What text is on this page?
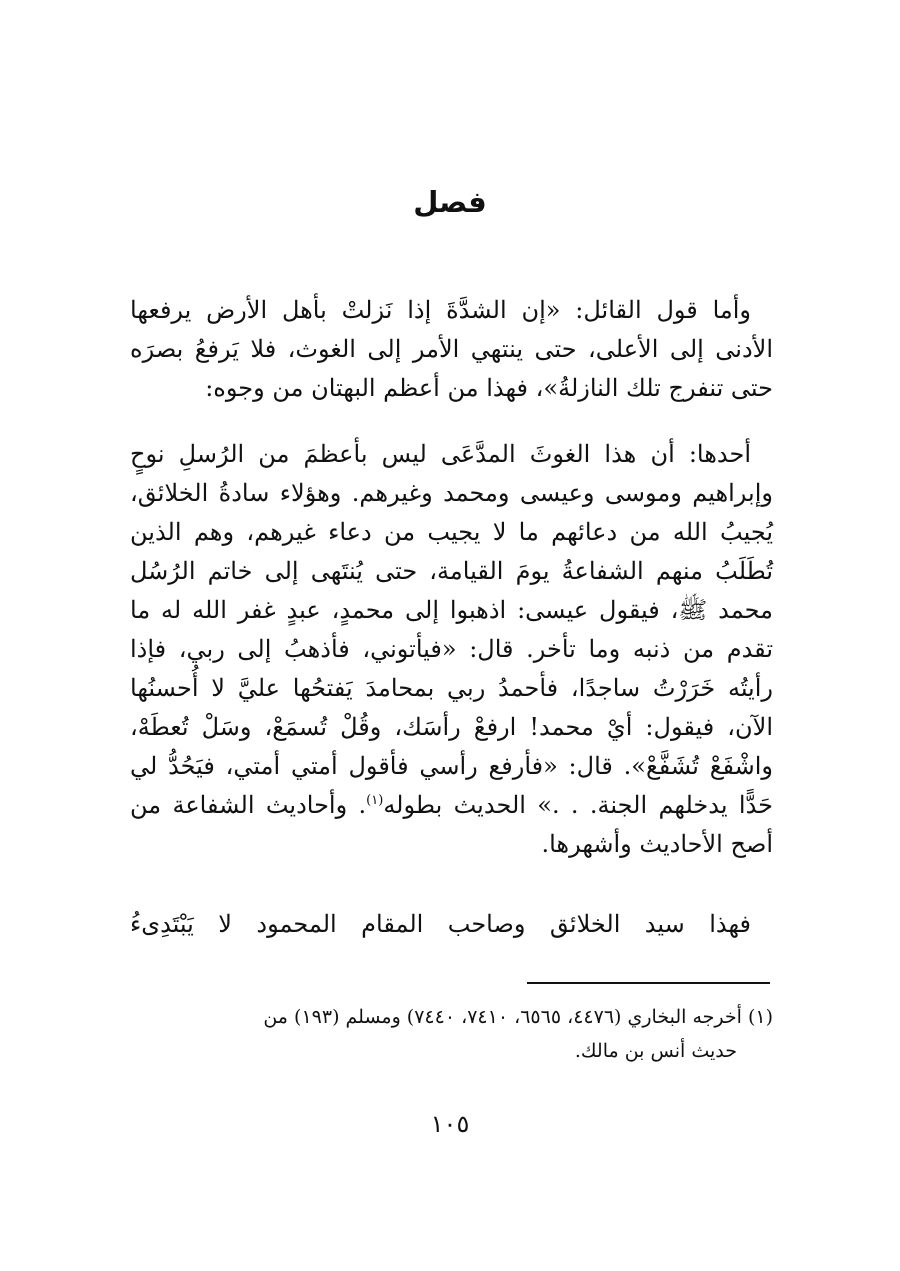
فصل
وأما قول القائل: «إن الشدَّةَ إذا نَزلتْ بأهل الأرض يرفعها
الأدنى إلى الأعلى، حتى ينتهي الأمر إلى الغوث، فلا يَرفعُ بصرَه
حتى تنفرج تلك النازلةُ»، فهذا من أعظم البهتان من وجوه:
أحدها: أن هذا الغوثَ المدَّعَى ليس بأعظمَ من الرُسلِ نوحٍ
وإبراهيم وموسى وعيسى ومحمد وغيرهم. وهؤلاء سادةُ الخلائق،
يُجيبُ الله من دعائهم ما لا يجيب من دعاء غيرهم، وهم الذين
تُطَلَبُ منهم الشفاعةُ يومَ القيامة، حتى يُنتَهى إلى خاتم الرُسُل
محمد ﷺ، فيقول عيسى: اذهبوا إلى محمدٍ، عبدٍ غفر الله له ما
تقدم من ذنبه وما تأخر. قال: «فيأتوني، فأذهبُ إلى ربي، فإذا
رأيتُه خَرَرْتُ ساجدًا، فأحمدُ ربي بمحامدَ يَفتحُها عليَّ لا أُحسنُها
الآن، فيقول: أيْ محمد! ارفعْ رأسَك، وقُلْ تُسمَعْ، وسَلْ تُعطَهْ،
واشْفَعْ تُشَفَّعْ». قال: «فأرفع رأسي فأقول أمتي أمتي، فيَحُدُّ لي
حَدًّا يدخلهم الجنة. . .» الحديث بطوله$^{(١)}$. وأحاديث الشفاعة من
أصح الأحاديث وأشهرها.
فهذا سيد الخلائق وصاحب المقام المحمود لا يَبْتَدِىءُ
(١) أخرجه البخاري (٤٤٧٦، ٦٥٦٥، ٧٤١٠، ٧٤٤٠) ومسلم (١٩٣) من
حديث أنس بن مالك.
١٠٥
